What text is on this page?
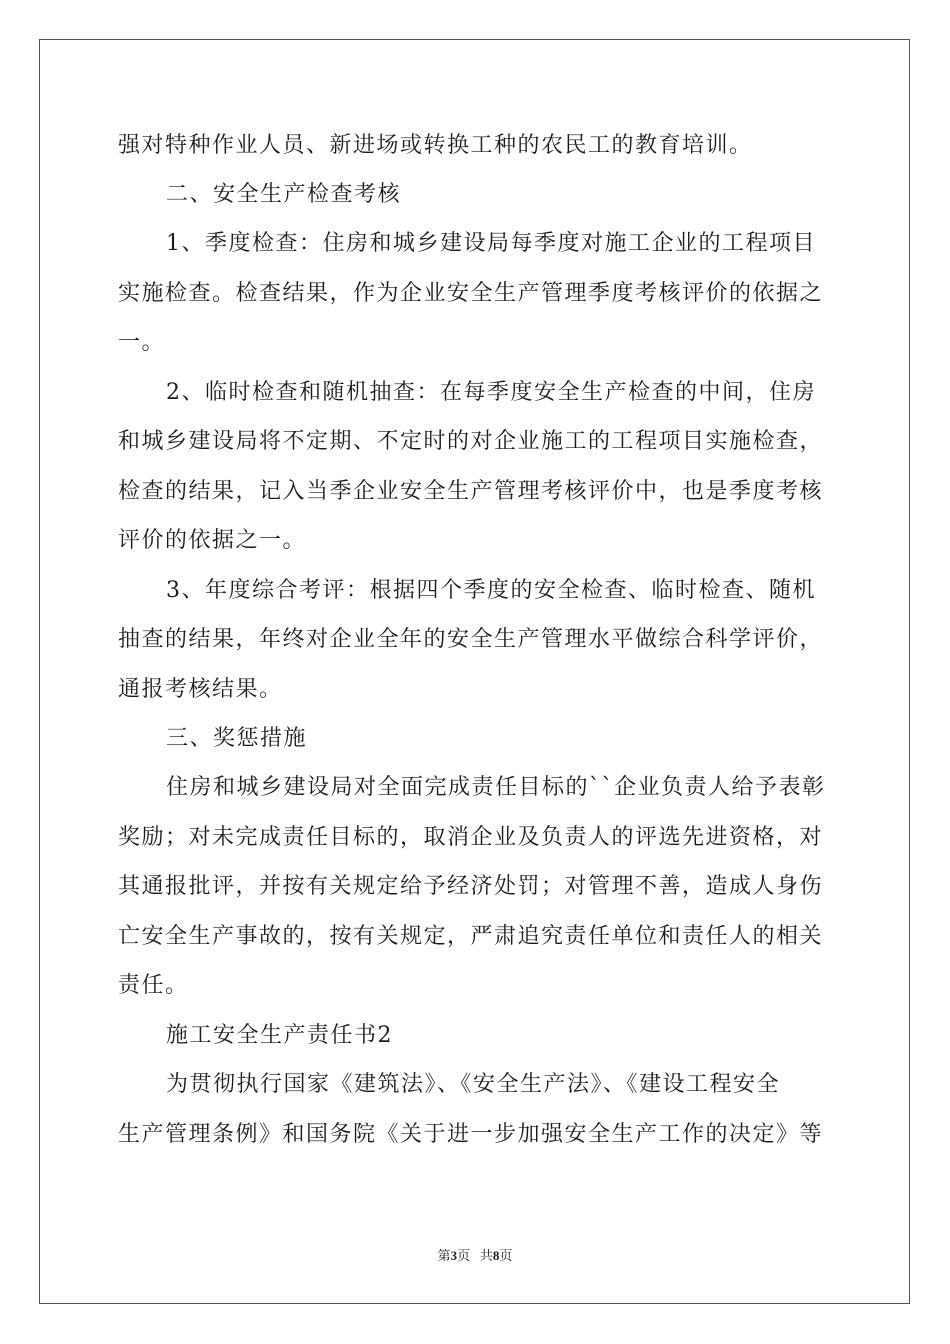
强对特种作业人员、新进场或转换工种的农民工的教育培训。
二、安全生产检查考核
1、季度检查：住房和城乡建设局每季度对施工企业的工程项目
实施检查。检查结果，作为企业安全生产管理季度考核评价的依据之
一。
2、临时检查和随机抽查：在每季度安全生产检查的中间，住房
和城乡建设局将不定期、不定时的对企业施工的工程项目实施检查，
检查的结果，记入当季企业安全生产管理考核评价中，也是季度考核
评价的依据之一。
3、年度综合考评：根据四个季度的安全检查、临时检查、随机
抽查的结果，年终对企业全年的安全生产管理水平做综合科学评价，
通报考核结果。
三、奖惩措施
住房和城乡建设局对全面完成责任目标的``企业负责人给予表彰
奖励；对未完成责任目标的，取消企业及负责人的评选先进资格，对
其通报批评，并按有关规定给予经济处罚；对管理不善，造成人身伤
亡安全生产事故的，按有关规定，严肃追究责任单位和责任人的相关
责任。
施工安全生产责任书2
为贯彻执行国家《建筑法》、《安全生产法》、《建设工程安全
生产管理条例》和国务院《关于进一步加强安全生产工作的决定》等
第3页 共8页
